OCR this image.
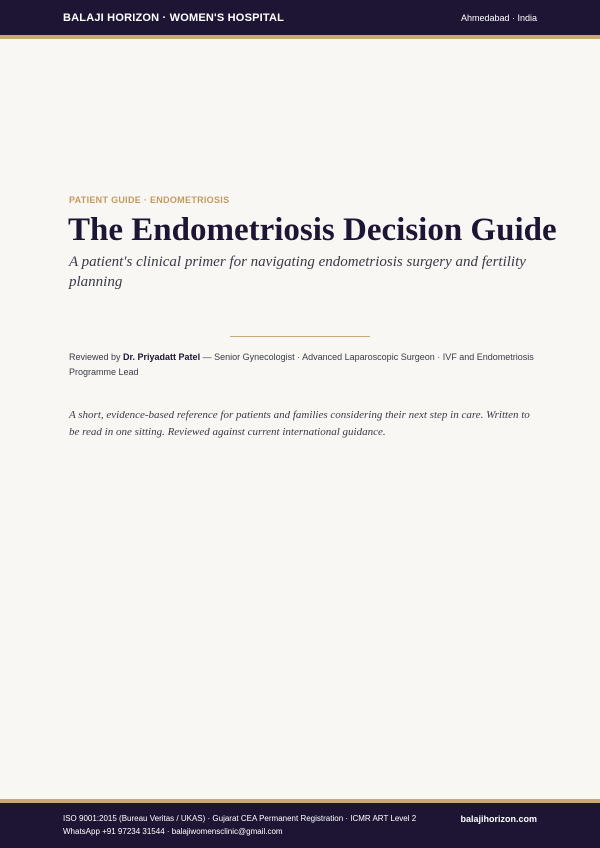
BALAJI HORIZON · WOMEN'S HOSPITAL	Ahmedabad · India
PATIENT GUIDE · ENDOMETRIOSIS
The Endometriosis Decision Guide

A patient's clinical primer for navigating endometriosis surgery and fertility planning

Reviewed by Dr. Priyadatt Patel — Senior Gynecologist · Advanced Laparoscopic Surgeon · IVF and Endometriosis Programme Lead

A short, evidence-based reference for patients and families considering their next step in care. Written to be read in one sitting. Reviewed against current international guidance.

ISO 9001:2015 (Bureau Veritas / UKAS) · Gujarat CEA Permanent Registration · ICMR ART Level 2
WhatsApp +91 97234 31544 · balajiwomensclinic@gmail.com
balajihorizon.com
